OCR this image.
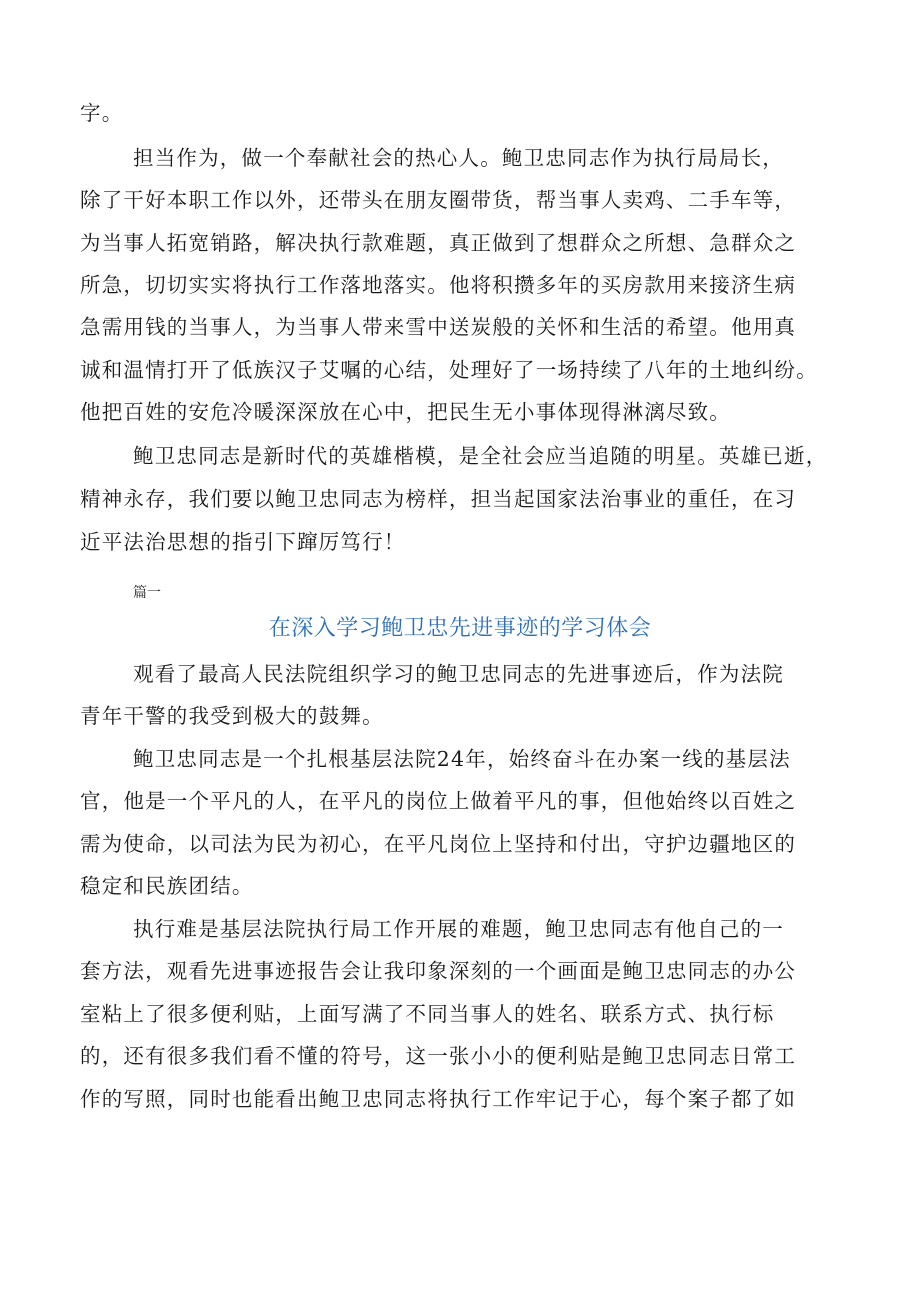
字。
担当作为，做一个奉献社会的热心人。鲍卫忠同志作为执行局局长，
除了干好本职工作以外，还带头在朋友圈带货，帮当事人卖鸡、二手车等，
为当事人拓宽销路，解决执行款难题，真正做到了想群众之所想、急群众之
所急，切切实实将执行工作落地落实。他将积攒多年的买房款用来接济生病
急需用钱的当事人，为当事人带来雪中送炭般的关怀和生活的希望。他用真
诚和温情打开了低族汉子艾嘱的心结，处理好了一场持续了八年的土地纠纷。
他把百姓的安危冷暖深深放在心中，把民生无小事体现得淋漓尽致。
鲍卫忠同志是新时代的英雄楷模，是全社会应当追随的明星。英雄已逝，
精神永存，我们要以鲍卫忠同志为榜样，担当起国家法治事业的重任，在习
近平法治思想的指引下蹿厉笃行！
篇一
在深入学习鲍卫忠先进事迹的学习体会
观看了最高人民法院组织学习的鲍卫忠同志的先进事迹后，作为法院
青年干警的我受到极大的鼓舞。
鲍卫忠同志是一个扎根基层法院24年，始终奋斗在办案一线的基层法
官，他是一个平凡的人，在平凡的岗位上做着平凡的事，但他始终以百姓之
需为使命，以司法为民为初心，在平凡岗位上坚持和付出，守护边疆地区的
稳定和民族团结。
执行难是基层法院执行局工作开展的难题，鲍卫忠同志有他自己的一
套方法，观看先进事迹报告会让我印象深刻的一个画面是鲍卫忠同志的办公
室粘上了很多便利贴，上面写满了不同当事人的姓名、联系方式、执行标
的，还有很多我们看不懂的符号，这一张小小的便利贴是鲍卫忠同志日常工
作的写照，同时也能看出鲍卫忠同志将执行工作牢记于心，每个案子都了如
